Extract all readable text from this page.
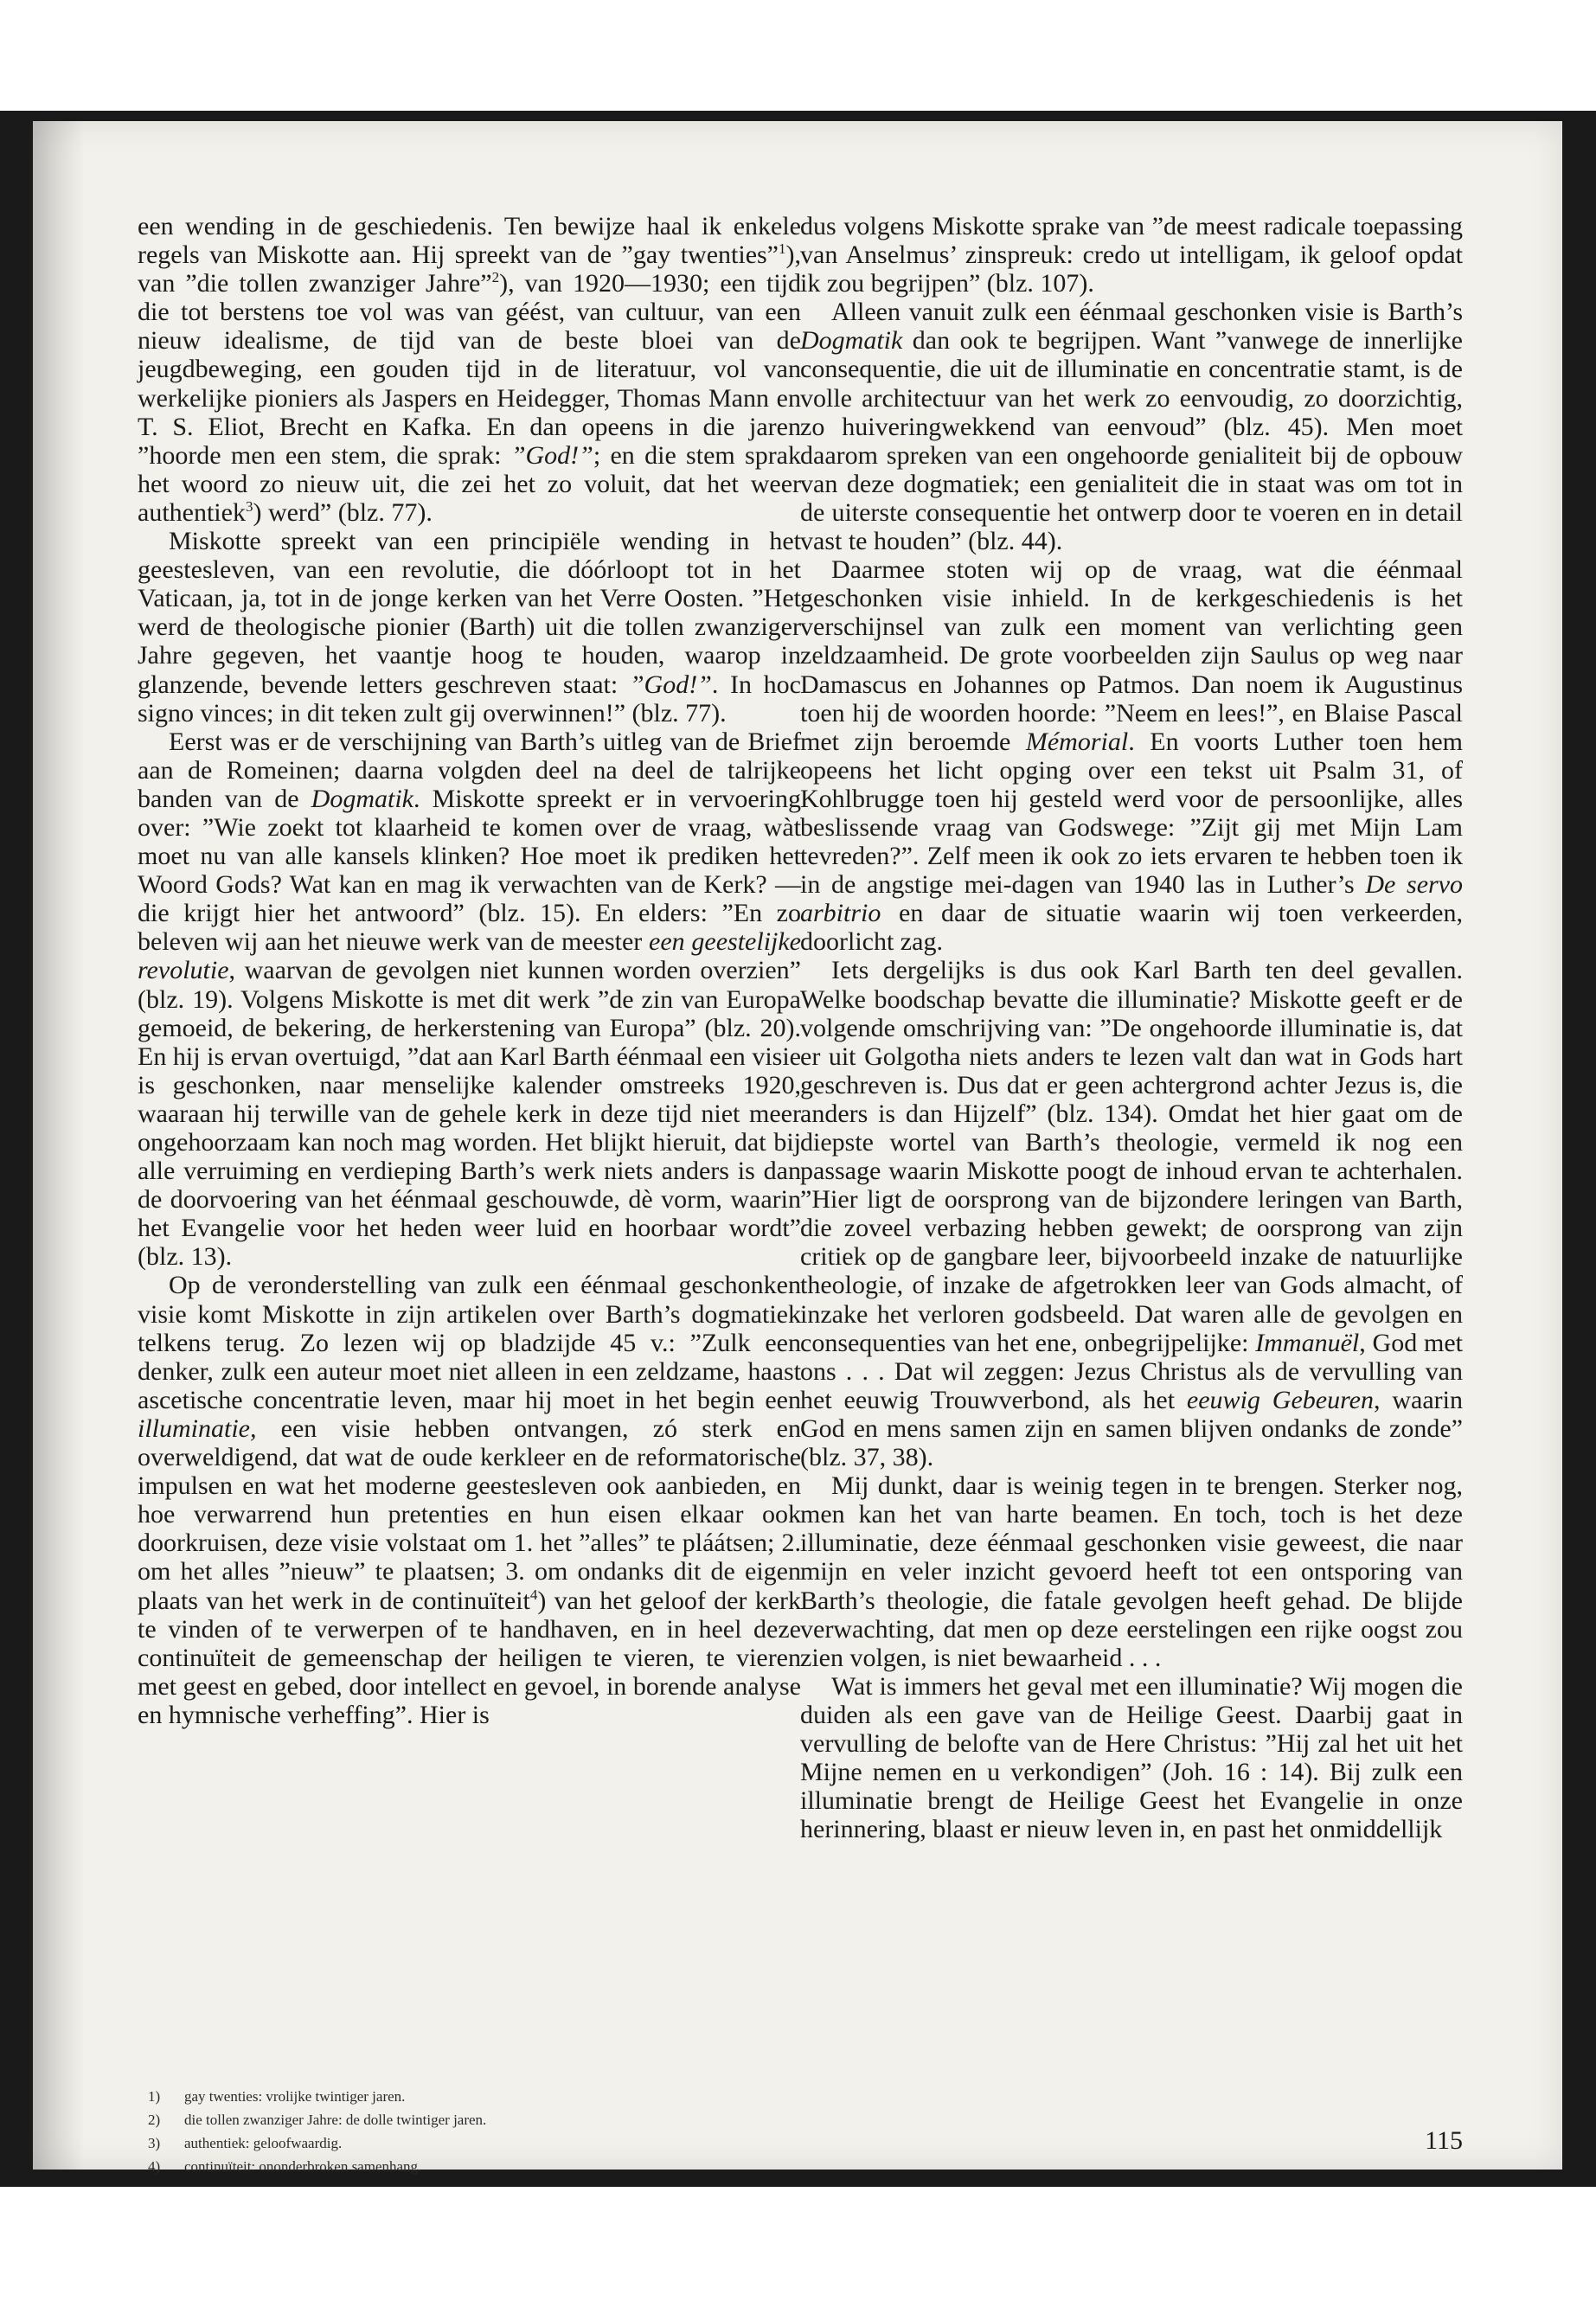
een wending in de geschiedenis. Ten bewijze haal ik enkele regels van Miskotte aan. Hij spreekt van de ”gay twenties”$^1$), van ”die tollen zwanziger Jahre”$^2$), van 1920—1930; een tijd die tot berstens toe vol was van géést, van cultuur, van een nieuw idealisme, de tijd van de beste bloei van de jeugdbeweging, een gouden tijd in de literatuur, vol van werkelijke pioniers als Jaspers en Heidegger, Thomas Mann en T. S. Eliot, Brecht en Kafka. En dan opeens in die jaren ”hoorde men een stem, die sprak: ”God!”; en die stem sprak het woord zo nieuw uit, die zei het zo voluit, dat het weer authentiek$^3$) werd” (blz. 77).

Miskotte spreekt van een principiële wending in het geestesleven, van een revolutie, die dóórloopt tot in het Vaticaan, ja, tot in de jonge kerken van het Verre Oosten. ”Het werd de theologische pionier (Barth) uit die tollen zwanziger Jahre gegeven, het vaantje hoog te houden, waarop in glanzende, bevende letters geschreven staat: ”God!”. In hoc signo vinces; in dit teken zult gij overwinnen!” (blz. 77).

Eerst was er de verschijning van Barth’s uitleg van de Brief aan de Romeinen; daarna volgden deel na deel de talrijke banden van de Dogmatik. Miskotte spreekt er in vervoering over: ”Wie zoekt tot klaarheid te komen over de vraag, wàt moet nu van alle kansels klinken? Hoe moet ik prediken het Woord Gods? Wat kan en mag ik verwachten van de Kerk? — die krijgt hier het antwoord” (blz. 15). En elders: ”En zo beleven wij aan het nieuwe werk van de meester een geestelijke revolutie, waarvan de gevolgen niet kunnen worden overzien” (blz. 19). Volgens Miskotte is met dit werk ”de zin van Europa gemoeid, de bekering, de herkerstening van Europa” (blz. 20). En hij is ervan overtuigd, ”dat aan Karl Barth éénmaal een visie is geschonken, naar menselijke kalender omstreeks 1920, waaraan hij terwille van de gehele kerk in deze tijd niet meer ongehoorzaam kan noch mag worden. Het blijkt hieruit, dat bij alle verruiming en verdieping Barth’s werk niets anders is dan de doorvoering van het éénmaal geschouwde, dè vorm, waarin het Evangelie voor het heden weer luid en hoorbaar wordt” (blz. 13).

Op de veronderstelling van zulk een éénmaal geschonken visie komt Miskotte in zijn artikelen over Barth’s dogmatiek telkens terug. Zo lezen wij op bladzijde 45 v.: ”Zulk een denker, zulk een auteur moet niet alleen in een zeldzame, haast ascetische concentratie leven, maar hij moet in het begin een illuminatie, een visie hebben ontvangen, zó sterk en overweldigend, dat wat de oude kerkleer en de reformatorische impulsen en wat het moderne geestesleven ook aanbieden, en hoe verwarrend hun pretenties en hun eisen elkaar ook doorkruisen, deze visie volstaat om 1. het ”alles” te pláátsen; 2. om het alles ”nieuw” te plaatsen; 3. om ondanks dit de eigen plaats van het werk in de continuïteit$^4$) van het geloof der kerk te vinden of te verwerpen of te handhaven, en in heel deze continuïteit de gemeenschap der heiligen te vieren, te vieren met geest en gebed, door intellect en gevoel, in borende analyse en hymnische verheffing”. Hier is

dus volgens Miskotte sprake van ”de meest radicale toepassing van Anselmus’ zinspreuk: credo ut intelligam, ik geloof opdat ik zou begrijpen” (blz. 107).

Alleen vanuit zulk een éénmaal geschonken visie is Barth’s Dogmatik dan ook te begrijpen. Want ”vanwege de innerlijke consequentie, die uit de illuminatie en concentratie stamt, is de volle architectuur van het werk zo eenvoudig, zo doorzichtig, zo huiveringwekkend van eenvoud” (blz. 45). Men moet daarom spreken van een ongehoorde genialiteit bij de opbouw van deze dogmatiek; een genialiteit die in staat was om tot in de uiterste consequentie het ontwerp door te voeren en in detail vast te houden” (blz. 44).

Daarmee stoten wij op de vraag, wat die éénmaal geschonken visie inhield. In de kerkgeschiedenis is het verschijnsel van zulk een moment van verlichting geen zeldzaamheid. De grote voorbeelden zijn Saulus op weg naar Damascus en Johannes op Patmos. Dan noem ik Augustinus toen hij de woorden hoorde: ”Neem en lees!”, en Blaise Pascal met zijn beroemde Mémorial. En voorts Luther toen hem opeens het licht opging over een tekst uit Psalm 31, of Kohlbrugge toen hij gesteld werd voor de persoonlijke, alles beslissende vraag van Godswege: ”Zijt gij met Mijn Lam tevreden?”. Zelf meen ik ook zo iets ervaren te hebben toen ik in de angstige mei-dagen van 1940 las in Luther’s De servo arbitrio en daar de situatie waarin wij toen verkeerden, doorlicht zag.

Iets dergelijks is dus ook Karl Barth ten deel gevallen. Welke boodschap bevatte die illuminatie? Miskotte geeft er de volgende omschrijving van: ”De ongehoorde illuminatie is, dat er uit Golgotha niets anders te lezen valt dan wat in Gods hart geschreven is. Dus dat er geen achtergrond achter Jezus is, die anders is dan Hijzelf” (blz. 134). Omdat het hier gaat om de diepste wortel van Barth’s theologie, vermeld ik nog een passage waarin Miskotte poogt de inhoud ervan te achterhalen. ”Hier ligt de oorsprong van de bijzondere leringen van Barth, die zoveel verbazing hebben gewekt; de oorsprong van zijn critiek op de gangbare leer, bijvoorbeeld inzake de natuurlijke theologie, of inzake de afgetrokken leer van Gods almacht, of inzake het verloren godsbeeld. Dat waren alle de gevolgen en consequenties van het ene, onbegrijpelijke: Immanuël, God met ons . . . Dat wil zeggen: Jezus Christus als de vervulling van het eeuwig Trouwverbond, als het eeuwig Gebeuren, waarin God en mens samen zijn en samen blijven ondanks de zonde” (blz. 37, 38).

Mij dunkt, daar is weinig tegen in te brengen. Sterker nog, men kan het van harte beamen. En toch, toch is het deze illuminatie, deze éénmaal geschonken visie geweest, die naar mijn en veler inzicht gevoerd heeft tot een ontsporing van Barth’s theologie, die fatale gevolgen heeft gehad. De blijde verwachting, dat men op deze eerstelingen een rijke oogst zou zien volgen, is niet bewaarheid . . .

Wat is immers het geval met een illuminatie? Wij mogen die duiden als een gave van de Heilige Geest. Daarbij gaat in vervulling de belofte van de Here Christus: ”Hij zal het uit het Mijne nemen en u verkondigen” (Joh. 16 : 14). Bij zulk een illuminatie brengt de Heilige Geest het Evangelie in onze herinnering, blaast er nieuw leven in, en past het onmiddellijk

1)	gay twenties: vrolijke twintiger jaren.
2)	die tollen zwanziger Jahre: de dolle twintiger jaren.
3)	authentiek: geloofwaardig.
4)	continuïteit: ononderbroken samenhang.
115
